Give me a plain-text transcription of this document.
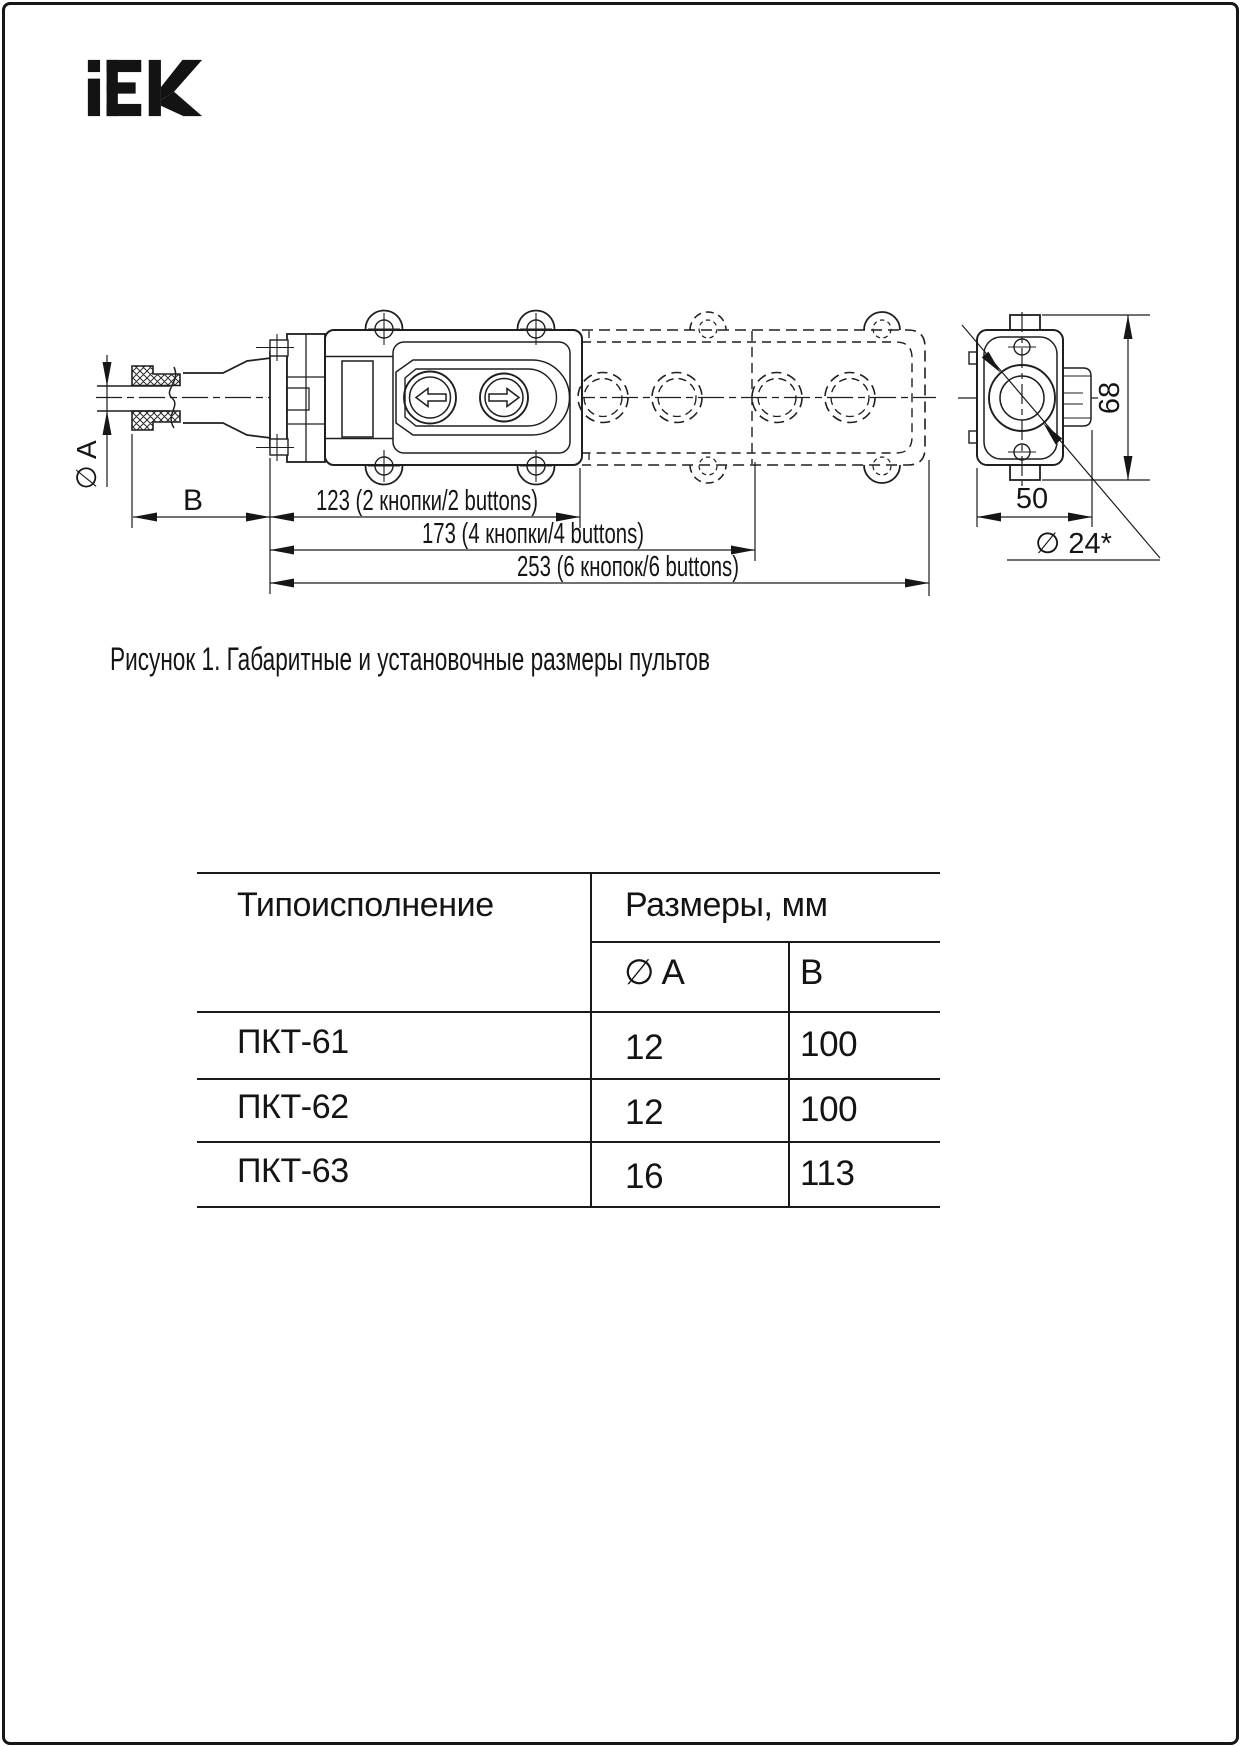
∅ A
B	123 (2 кнопки/2 buttons)
173 (4 кнопки/4 buttons)
253 (6 кнопок/6 buttons)
68
50
∅ 24*
Рисунок 1. Габаритные и установочные размеры пультов
Типоисполнение	Размеры, мм
∅ A	В
ПКТ-61	12	100
ПКТ-62	12	100
ПКТ-63	16	113
